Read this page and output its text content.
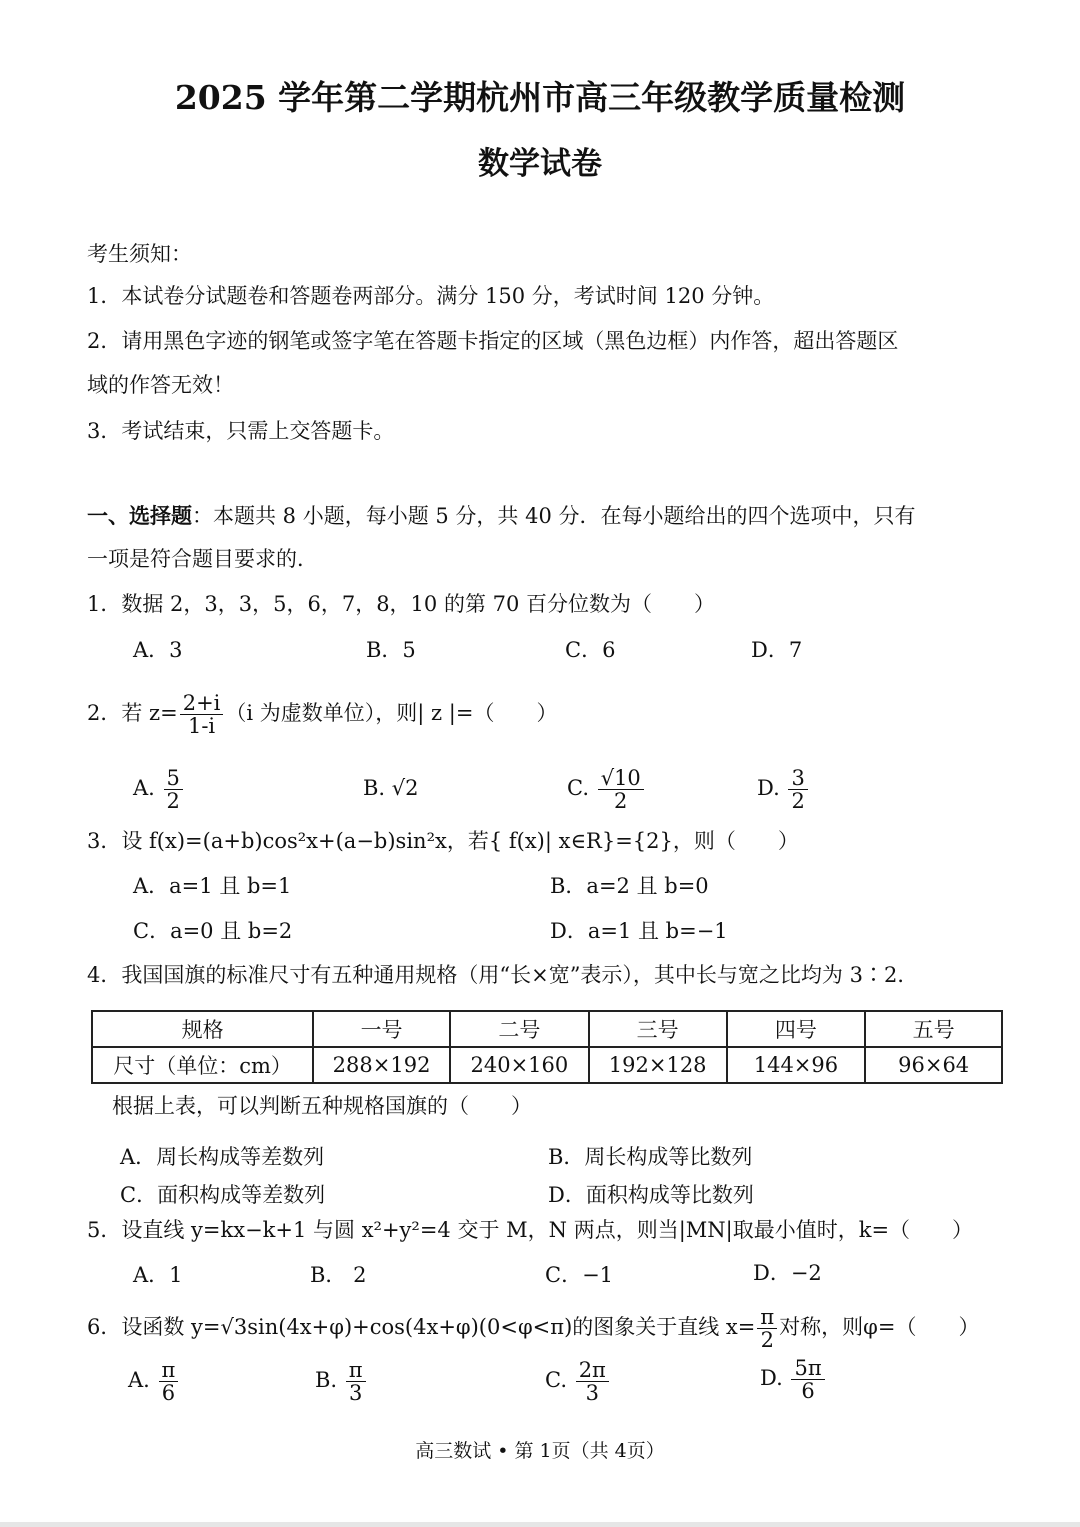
2025 学年第二学期杭州市高三年级教学质量检测
数学试卷
考生须知：
1．本试卷分试题卷和答题卷两部分。满分 150 分，考试时间 120 分钟。
2．请用黑色字迹的钢笔或签字笔在答题卡指定的区域（黑色边框）内作答，超出答题区
域的作答无效！
3．考试结束，只需上交答题卡。
一、选择题：本题共 8 小题，每小题 5 分，共 40 分．在每小题给出的四个选项中，只有
一项是符合题目要求的．
1．数据 2，3，3，5，6，7，8，10 的第 70 百分位数为（　　）
A．3	B．5	C．6	D．7
2．若 $z= \frac{2+i}{1-i} (i$ 为虚数单位），则| z |=（　　）
A. $\frac{5}{2}$	B. √2	C. $\frac{√10}{2}$	D. $\frac{3}{2}$
3．设 f(x)=(a+b)cos²x+(a−b)sin²x，若{ f(x)| x∈R}={2}，则（　　）
A．a=1 且 b=1	B．a=2 且 b=0
C．a=0 且 b=2	D．a=1 且 b=−1
4．我国国旗的标准尺寸有五种通用规格（用“长×宽”表示），其中长与宽之比均为 3∶2．
规格	一号	二号	三号	四号	五号
尺寸（单位：cm）	288×192	240×160	192×128	144×96	96×64
根据上表，可以判断五种规格国旗的（　　）
A．周长构成等差数列	B．周长构成等比数列
C．面积构成等差数列	D．面积构成等比数列
5．设直线 y=kx−k+1 与圆 x²+y²=4 交于 M，N 两点，则当|MN|取最小值时，k=（　　）
A．1	B． 2	C．−1	D．−2
6．设函数 y=√3sin(4x+φ)+cos(4x+φ)(0<φ<π)的图象关于直线 $x= \frac{\pi}{2}$ 对称，则φ=（　　）
A. $\frac{\pi}{6}$	B. $\frac{\pi}{3}$	C. $\frac{2\pi}{3}$	D. $\frac{5\pi}{6}$
高三数试 • 第 1页（共 4页）
